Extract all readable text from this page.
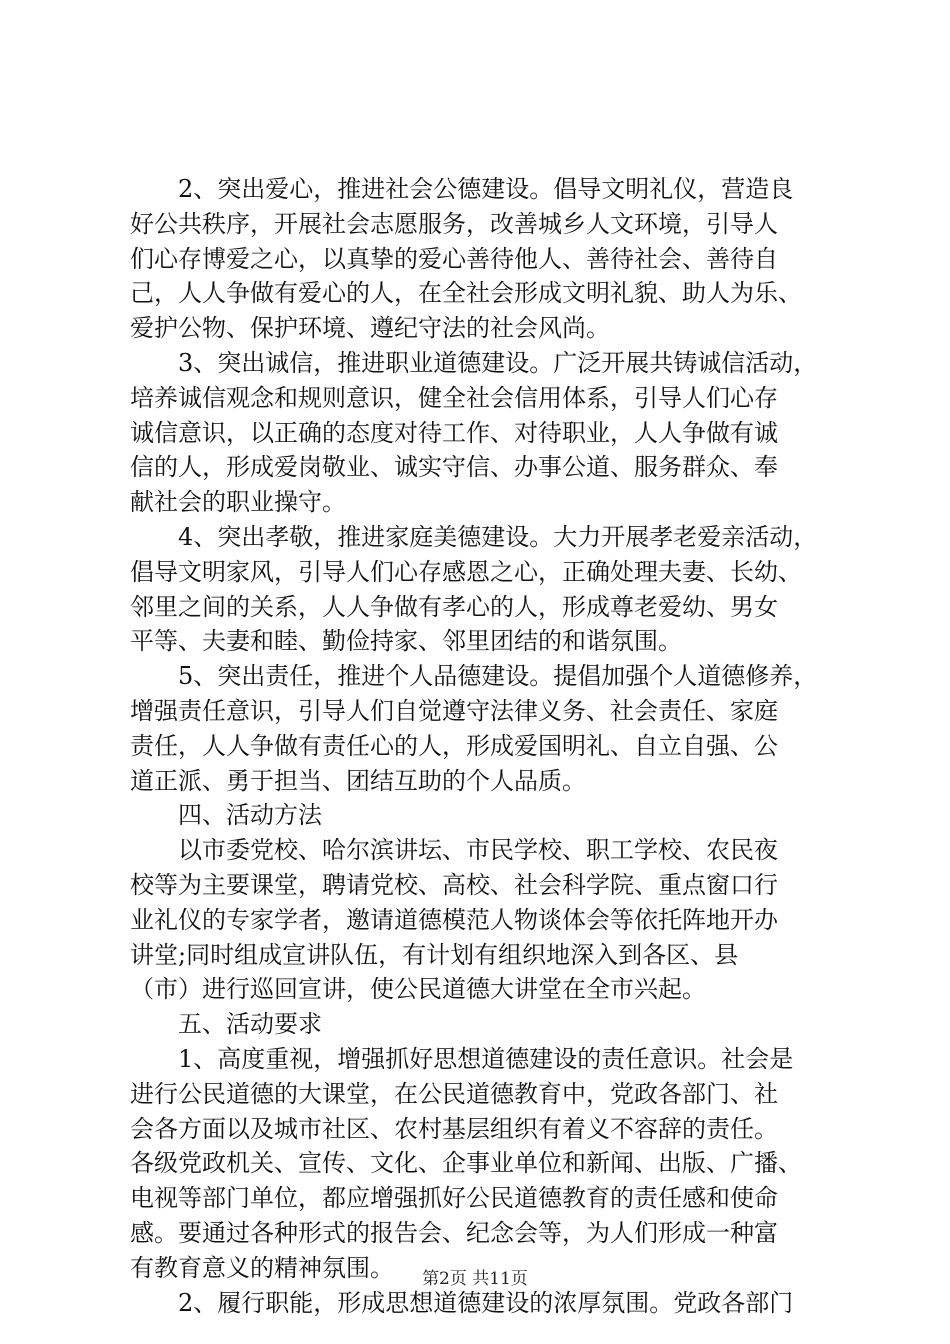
　　2、突出爱心，推进社会公德建设。倡导文明礼仪，营造良
好公共秩序，开展社会志愿服务，改善城乡人文环境，引导人
们心存博爱之心，以真挚的爱心善待他人、善待社会、善待自
己，人人争做有爱心的人，在全社会形成文明礼貌、助人为乐、
爱护公物、保护环境、遵纪守法的社会风尚。
　　3、突出诚信，推进职业道德建设。广泛开展共铸诚信活动，
培养诚信观念和规则意识，健全社会信用体系，引导人们心存
诚信意识，以正确的态度对待工作、对待职业，人人争做有诚
信的人，形成爱岗敬业、诚实守信、办事公道、服务群众、奉
献社会的职业操守。
　　4、突出孝敬，推进家庭美德建设。大力开展孝老爱亲活动，
倡导文明家风，引导人们心存感恩之心，正确处理夫妻、长幼、
邻里之间的关系，人人争做有孝心的人，形成尊老爱幼、男女
平等、夫妻和睦、勤俭持家、邻里团结的和谐氛围。
　　5、突出责任，推进个人品德建设。提倡加强个人道德修养，
增强责任意识，引导人们自觉遵守法律义务、社会责任、家庭
责任，人人争做有责任心的人，形成爱国明礼、自立自强、公
道正派、勇于担当、团结互助的个人品质。
　　四、活动方法
　　以市委党校、哈尔滨讲坛、市民学校、职工学校、农民夜
校等为主要课堂，聘请党校、高校、社会科学院、重点窗口行
业礼仪的专家学者，邀请道德模范人物谈体会等依托阵地开办
讲堂;同时组成宣讲队伍，有计划有组织地深入到各区、县
（市）进行巡回宣讲，使公民道德大讲堂在全市兴起。
　　五、活动要求
　　1、高度重视，增强抓好思想道德建设的责任意识。社会是
进行公民道德的大课堂，在公民道德教育中，党政各部门、社
会各方面以及城市社区、农村基层组织有着义不容辞的责任。
各级党政机关、宣传、文化、企事业单位和新闻、出版、广播、
电视等部门单位，都应增强抓好公民道德教育的责任感和使命
感。要通过各种形式的报告会、纪念会等，为人们形成一种富
有教育意义的精神氛围。
　　2、履行职能，形成思想道德建设的浓厚氛围。党政各部门
第2页 共11页
